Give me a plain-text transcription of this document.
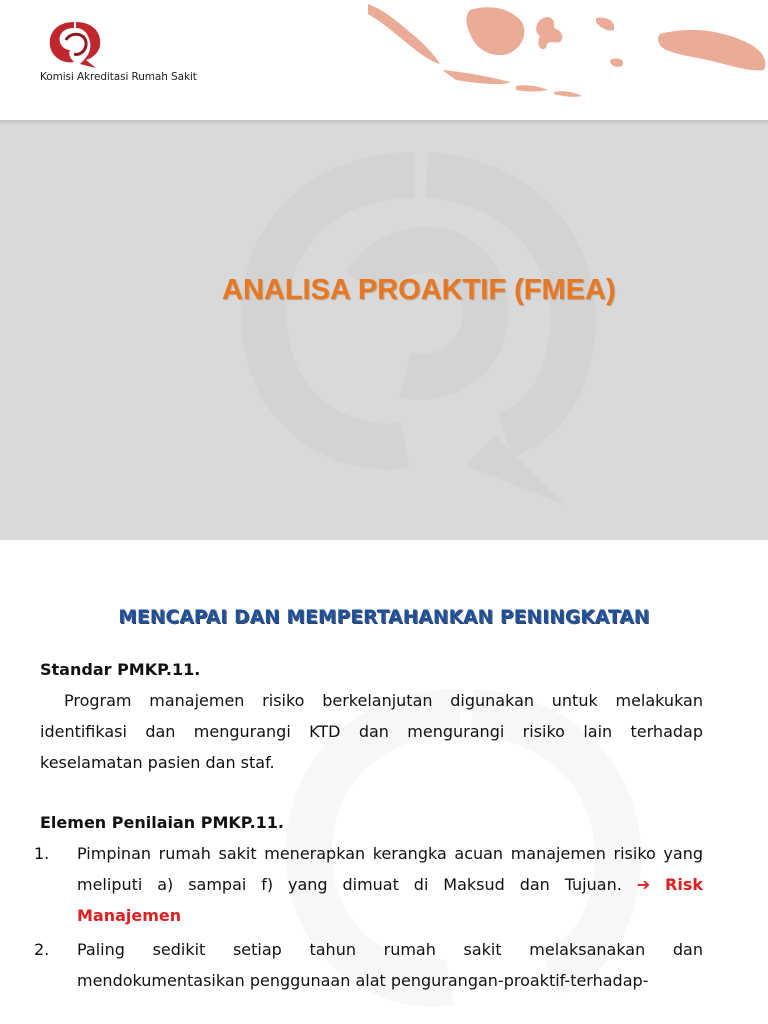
Komisi Akreditasi Rumah Sakit
ANALISA PROAKTIF (FMEA)
MENCAPAI DAN MEMPERTAHANKAN PENINGKATAN

Standar PMKP.11.

Program manajemen risiko berkelanjutan digunakan untuk melakukan identifikasi dan mengurangi KTD dan mengurangi risiko lain terhadap keselamatan pasien dan staf.

Elemen Penilaian PMKP.11.

1. Pimpinan rumah sakit menerapkan kerangka acuan manajemen risiko yang meliputi a) sampai f) yang dimuat di Maksud dan Tujuan. ➔ Risk Manajemen

2. Paling sedikit setiap tahun rumah sakit melaksanakan dan mendokumentasikan penggunaan alat pengurangan-proaktif-terhadap-
